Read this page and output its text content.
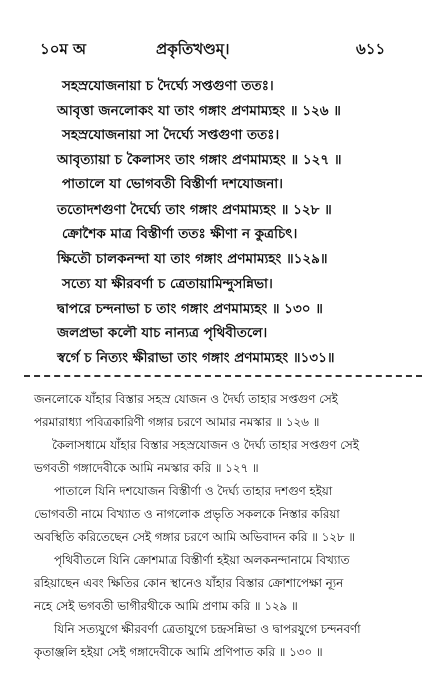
১০ম অ	প্রকৃতিখণ্ডম্।	৬১১
সহস্রযোজনায়া চ দৈর্ঘ্যে সপ্তগুণা ততঃ।
আবৃত্তা জনলোকং যা তাং গঙ্গাং প্রণমাম্যহং ॥ ১২৬ ॥
সহস্রযোজনায়া সা দৈর্ঘ্যে সপ্তগুণা ততঃ।
আবৃত্যায়া চ কৈলাসং তাং গঙ্গাং প্রণমাম্যহং ॥ ১২৭ ॥
পাতালে যা ভোগবতী বিস্তীর্ণা দশযোজনা।
ততোদশগুণা দৈর্ঘ্যে তাং গঙ্গাং প্রণমাম্যহং ॥ ১২৮ ॥
ক্রোশৈক মাত্র বিস্তীর্ণা ততঃ ক্ষীণা ন কুত্রচিৎ।
ক্ষিতৌ চালকনন্দা যা তাং গঙ্গাং প্রণমাম্যহং ॥১২৯॥
সত্যে যা ক্ষীরবর্ণা চ ত্রেতায়ামিন্দুসন্নিভা।
দ্বাপরে চন্দনাভা চ তাং গঙ্গাং প্রণমাম্যহং ॥ ১৩০ ॥
জলপ্রভা কলৌ যাচ নান্যত্র পৃথিবীতলে।
স্বর্গে চ নিত্যং ক্ষীরাভা তাং গঙ্গাং প্রণমাম্যহং ॥১৩১॥
জনলোকে যাঁহার বিস্তার সহস্র যোজন ও দৈর্ঘ্য তাহার সপ্তগুণ সেই
পরমারাধ্যা পবিত্রকারিণী গঙ্গার চরণে আমার নমস্কার ॥ ১২৬ ॥
কৈলাসধামে যাঁহার বিস্তার সহস্রযোজন ও দৈর্ঘ্য তাহার সপ্তগুণ সেই
ভগবতী গঙ্গাদেবীকে আমি নমস্কার করি ॥ ১২৭ ॥
পাতালে যিনি দশযোজন বিস্তীর্ণা ও দৈর্ঘ্য তাহার দশগুণ হইয়া
ভোগবতী নামে বিখ্যাত ও নাগলোক প্রভৃতি সকলকে নিস্তার করিয়া
অবস্থিতি করিতেছেন সেই গঙ্গার চরণে আমি অভিবাদন করি ॥ ১২৮ ॥
পৃথিবীতলে যিনি ক্রোশমাত্র বিস্তীর্ণা হইয়া অলকনন্দানামে বিখ্যাত
রহিয়াছেন এবং ক্ষিতির কোন স্থানেও যাঁহার বিস্তার ক্রোশাপেক্ষা ন্যূন
নহে সেই ভগবতী ভাগীরথীকে আমি প্রণাম করি ॥ ১২৯ ॥
যিনি সত্যযুগে ক্ষীরবর্ণা ত্রেতাযুগে চন্দ্রসন্নিভা ও দ্বাপরযুগে চন্দনবর্ণা
কৃতাঞ্জলি হইয়া সেই গঙ্গাদেবীকে আমি প্রণিপাত করি ॥ ১৩০ ॥
